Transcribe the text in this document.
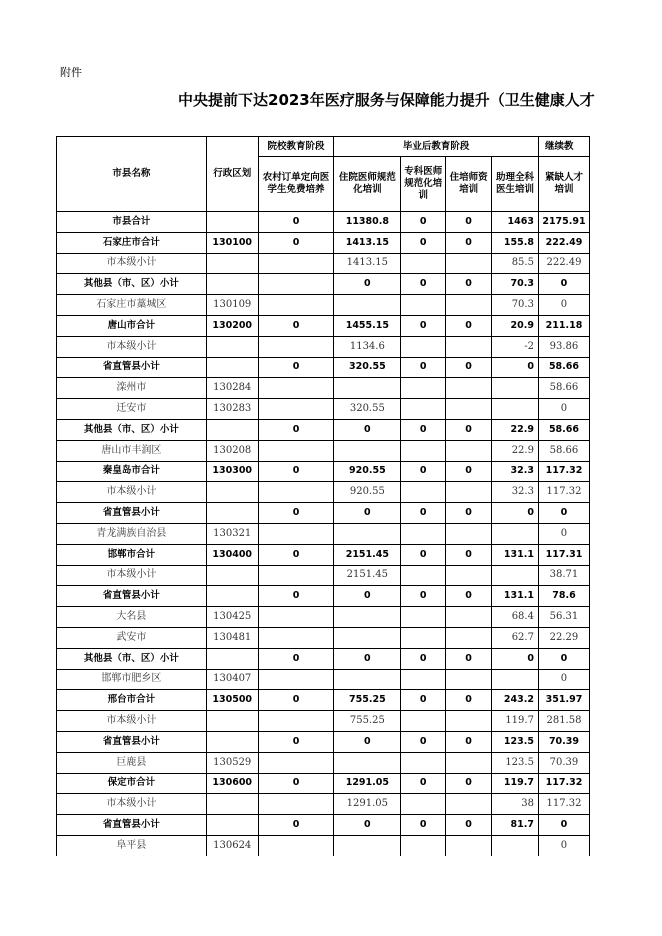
附件
中央提前下达2023年医疗服务与保障能力提升（卫生健康人才
市县名称	行政区划	院校教育阶段	毕业后教育阶段				继续教
		农村订单定向医学生免费培养	住院医师规范化培训	专科医师规范化培训	住培师资培训	助理全科医生培训	紧缺人才培训
市县合计		0	11380.8	0	0	1463	2175.91
石家庄市合计	130100	0	1413.15	0	0	155.8	222.49
市本级小计			1413.15			85.5	222.49
其他县（市、区）小计			0	0	0	70.3	0
石家庄市藁城区	130109					70.3	0
唐山市合计	130200	0	1455.15	0	0	20.9	211.18
市本级小计			1134.6			-2	93.86
省直管县小计		0	320.55	0	0	0	58.66
滦州市	130284						58.66
迁安市	130283		320.55				0
其他县（市、区）小计		0	0	0	0	22.9	58.66
唐山市丰润区	130208					22.9	58.66
秦皇岛市合计	130300	0	920.55	0	0	32.3	117.32
市本级小计			920.55			32.3	117.32
省直管县小计		0	0	0	0	0	0
青龙满族自治县	130321						0
邯郸市合计	130400	0	2151.45	0	0	131.1	117.31
市本级小计			2151.45				38.71
省直管县小计		0	0	0	0	131.1	78.6
大名县	130425					68.4	56.31
武安市	130481					62.7	22.29
其他县（市、区）小计		0	0	0	0	0	0
邯郸市肥乡区	130407						0
邢台市合计	130500	0	755.25	0	0	243.2	351.97
市本级小计			755.25			119.7	281.58
省直管县小计		0	0	0	0	123.5	70.39
巨鹿县	130529					123.5	70.39
保定市合计	130600	0	1291.05	0	0	119.7	117.32
市本级小计			1291.05			38	117.32
省直管县小计		0	0	0	0	81.7	0
阜平县	130624						0
